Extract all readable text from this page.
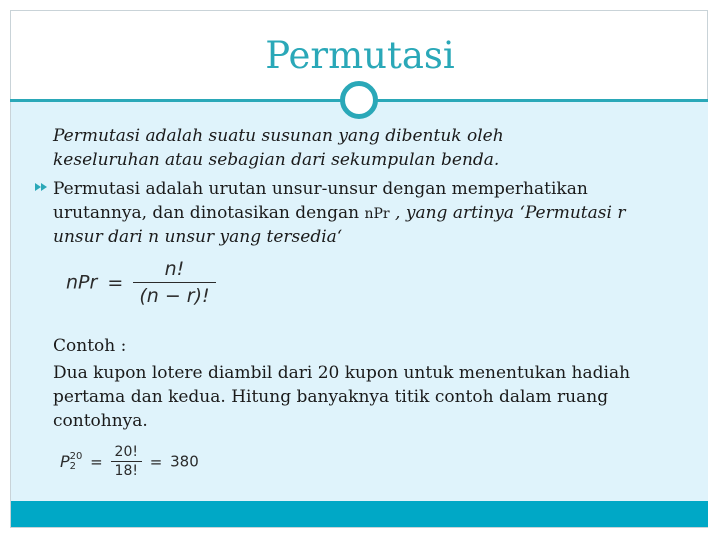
Permutasi
Permutasi adalah suatu susunan yang dibentuk oleh
keseluruhan atau sebagian dari sekumpulan benda.
Permutasi adalah urutan unsur-unsur dengan memperhatikan
urutannya, dan dinotasikan dengan nPr , yang artinya ‘Permutasi r
unsur dari n unsur yang tersedia‘
nPr = $\frac{n!}{(n - r)!}$
Contoh :
Dua kupon lotere diambil dari 20 kupon untuk menentukan hadiah
pertama dan kedua. Hitung banyaknya titik contoh dalam ruang
contohnya.
P 20
$2 = \frac{20!}{18!} = 380$
